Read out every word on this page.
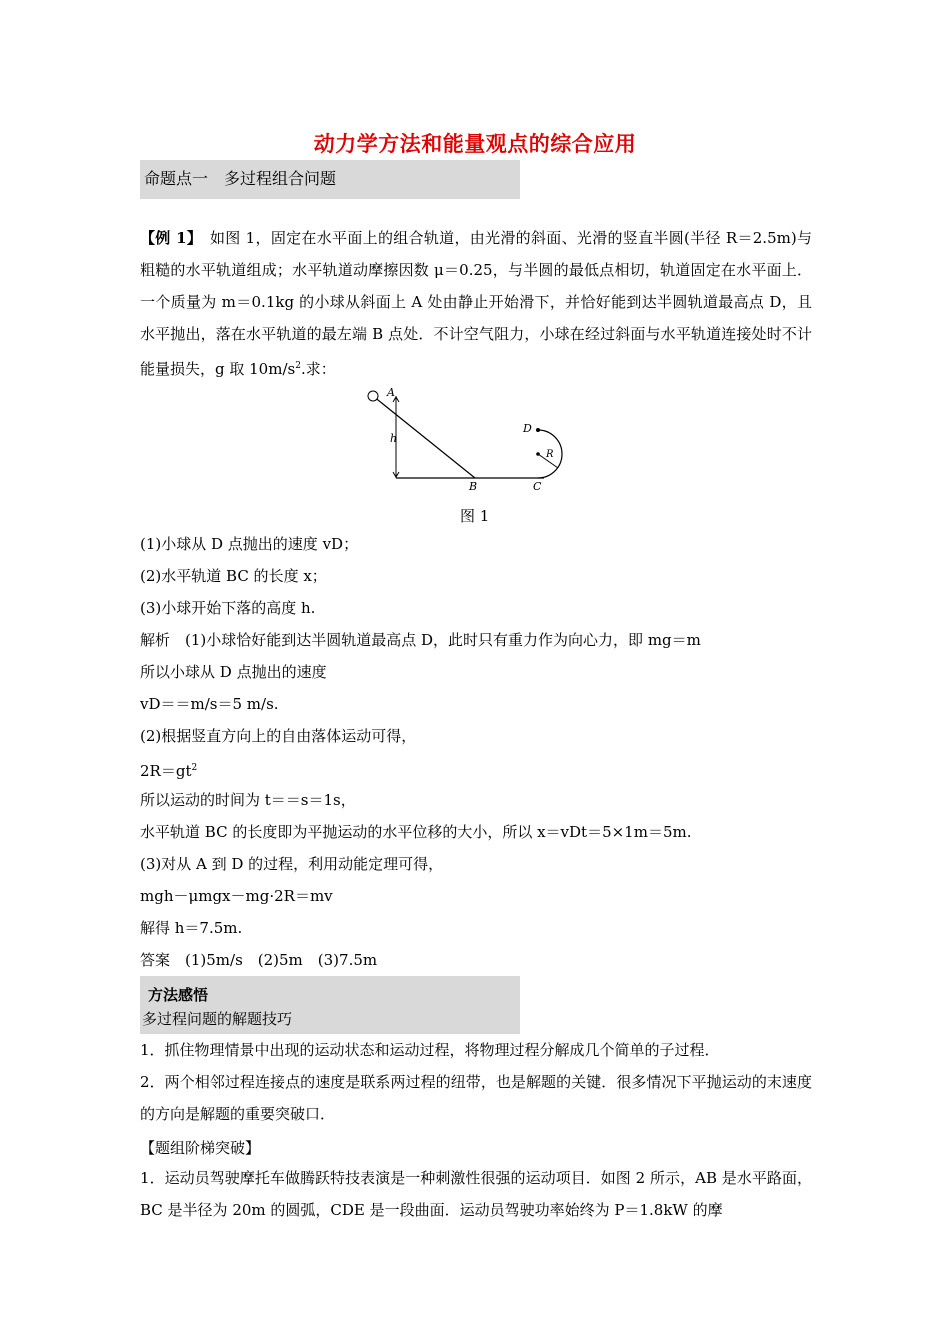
动力学方法和能量观点的综合应用
命题点一　多过程组合问题
【例 1】　如图 1，固定在水平面上的组合轨道，由光滑的斜面、光滑的竖直半圆(半径 R＝2.5m)与粗糙的水平轨道组成；水平轨道动摩擦因数 μ＝0.25，与半圆的最低点相切，轨道固定在水平面上．一个质量为 m＝0.1kg 的小球从斜面上 A 处由静止开始滑下，并恰好能到达半圆轨道最高点 D，且水平抛出，落在水平轨道的最左端 B 点处．不计空气阻力，小球在经过斜面与水平轨道连接处时不计能量损失，g 取 $10m/s^2$.求：
A
h
B	C
D
R
图 1
(1)小球从 D 点抛出的速度 vD；
(2)水平轨道 BC 的长度 x；
(3)小球开始下落的高度 h.
解析　(1)小球恰好能到达半圆轨道最高点 D，此时只有重力作为向心力，即 mg＝m
所以小球从 D 点抛出的速度
vD＝＝m/s＝5 m/s.
(2)根据竖直方向上的自由落体运动可得，
$2R=gt^2$
所以运动的时间为 t＝＝s＝1s，
水平轨道 BC 的长度即为平抛运动的水平位移的大小，所以 x＝vDt＝5×1m＝5m.
(3)对从 A 到 D 的过程，利用动能定理可得，
mgh－μmgx－mg·2R＝mv
解得 h＝7.5m.
答案　(1)5m/s　(2)5m　(3)7.5m
方法感悟
多过程问题的解题技巧
1．抓住物理情景中出现的运动状态和运动过程，将物理过程分解成几个简单的子过程．
2．两个相邻过程连接点的速度是联系两过程的纽带，也是解题的关键．很多情况下平抛运动的末速度的方向是解题的重要突破口．
【题组阶梯突破】
1．运动员驾驶摩托车做腾跃特技表演是一种刺激性很强的运动项目．如图 2 所示，AB 是水平路面，BC 是半径为 20m 的圆弧，CDE 是一段曲面．运动员驾驶功率始终为 P＝1.8kW 的摩
